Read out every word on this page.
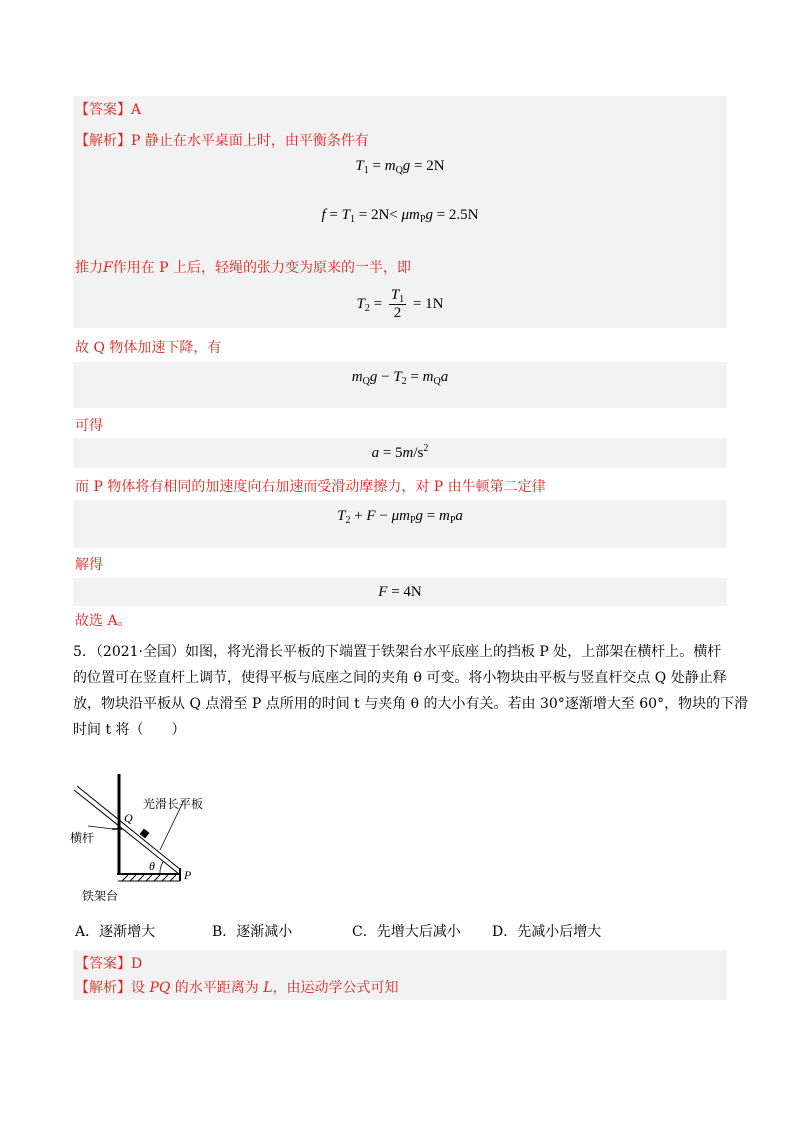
【答案】A
【解析】P 静止在水平桌面上时，由平衡条件有
$T_1 = m_Qg = 2N$
$f = T_1 = 2N< \mu m_Pg = 2.5N$
推力F作用在 P 上后，轻绳的张力变为原来的一半，即
$T_2 = \frac{T_1}{2} = 1N$
故 Q 物体加速下降，有
$m_Qg - T_2 = m_Qa$
可得
$a = 5m/s^2$
而 P 物体将有相同的加速度向右加速而受滑动摩擦力，对 P 由牛顿第二定律
$T_2 + F - \mu m_Pg = m_Pa$
解得
F = 4N
故选 A。
5．（2021·全国）如图，将光滑长平板的下端置于铁架台水平底座上的挡板 P 处，上部架在横杆上。横杆
的位置可在竖直杆上调节，使得平板与底座之间的夹角 θ 可变。将小物块由平板与竖直杆交点 Q 处静止释
放，物块沿平板从 Q 点滑至 P 点所用的时间 t 与夹角 θ 的大小有关。若由 30°逐渐增大至 60°，物块的下滑
时间 t 将（　　）
光滑长平板
横杆
铁架台
Q
P
θ
A．逐渐增大	B．逐渐减小	C．先增大后减小 D．先减小后增大
【答案】D
【解析】设 PQ 的水平距离为 L，由运动学公式可知
